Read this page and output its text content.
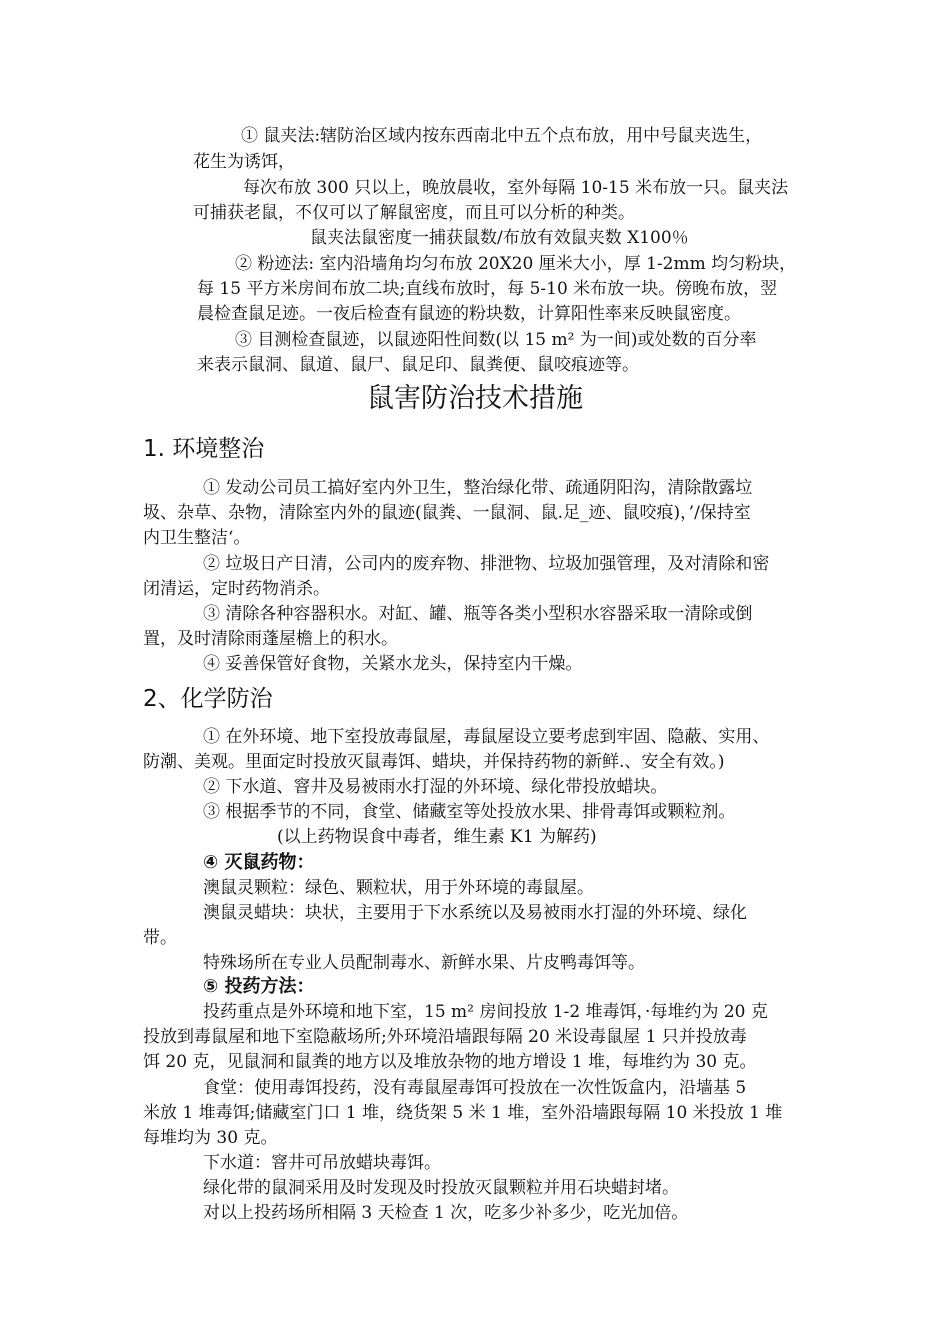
① 鼠夹法:辖防治区域内按东西南北中五个点布放，用中号鼠夹选生，
花生为诱饵，
每次布放 300 只以上，晚放晨收，室外每隔 10-15 米布放一只。鼠夹法
可捕获老鼠，不仅可以了解鼠密度，而且可以分析的种类。
鼠夹法鼠密度一捕获鼠数/布放有效鼠夹数 X100％
② 粉迹法: 室内沿墙角均匀布放 20X20 厘米大小，厚 1-2mm 均匀粉块，
每 15 平方米房间布放二块;直线布放时，每 5-10 米布放一块。傍晚布放，翌
晨检查鼠足迹。一夜后检查有鼠迹的粉块数，计算阳性率来反映鼠密度。
③ 目测检查鼠迹，以鼠迹阳性间数(以 15 m² 为一间)或处数的百分率
来表示鼠洞、鼠道、鼠尸、鼠足印、鼠粪便、鼠咬痕迹等。
鼠害防治技术措施
1. 环境整治
① 发动公司员工搞好室内外卫生，整治绿化带、疏通阴阳沟，清除散露垃
圾、杂草、杂物，清除室内外的鼠迹(鼠粪、一鼠洞、鼠.足_迹、鼠咬痕)，’/保持室
内卫生整洁‘。
② 垃圾日产日清，公司内的废弃物、排泄物、垃圾加强管理，及对清除和密
闭清运，定时药物消杀。
③ 清除各种容器积水。对缸、罐、瓶等各类小型积水容器采取一清除或倒
置，及时清除雨蓬屋檐上的积水。
④ 妥善保管好食物，关紧水龙头，保持室内干燥。
2、化学防治
① 在外环境、地下室投放毒鼠屋，毒鼠屋设立要考虑到牢固、隐蔽、实用、
防潮、美观。里面定时投放灭鼠毒饵、蜡块，并保持药物的新鲜.、安全有效。)
② 下水道、窨井及易被雨水打湿的外环境、绿化带投放蜡块。
③ 根据季节的不同，食堂、储藏室等处投放水果、排骨毒饵或颗粒剂。
(以上药物误食中毒者，维生素 K1 为解药)
④ 灭鼠药物：
澳鼠灵颗粒：绿色、颗粒状，用于外环境的毒鼠屋。
澳鼠灵蜡块：块状，主要用于下水系统以及易被雨水打湿的外环境、绿化
带。
特殊场所在专业人员配制毒水、新鲜水果、片皮鸭毒饵等。
⑤ 投药方法：
投药重点是外环境和地下室，15 m² 房间投放 1-2 堆毒饵，·每堆约为 20 克
投放到毒鼠屋和地下室隐蔽场所;外环境沿墙跟每隔 20 米设毒鼠屋 1 只并投放毒
饵 20 克，见鼠洞和鼠粪的地方以及堆放杂物的地方增设 1 堆，每堆约为 30 克。
食堂：使用毒饵投药，没有毒鼠屋毒饵可投放在一次性饭盒内，沿墙基 5
米放 1 堆毒饵;储藏室门口 1 堆，绕货架 5 米 1 堆，室外沿墙跟每隔 10 米投放 1 堆
每堆均为 30 克。
下水道：窨井可吊放蜡块毒饵。
绿化带的鼠洞采用及时发现及时投放灭鼠颗粒并用石块蜡封堵。
对以上投药场所相隔 3 天检查 1 次，吃多少补多少，吃光加倍。
